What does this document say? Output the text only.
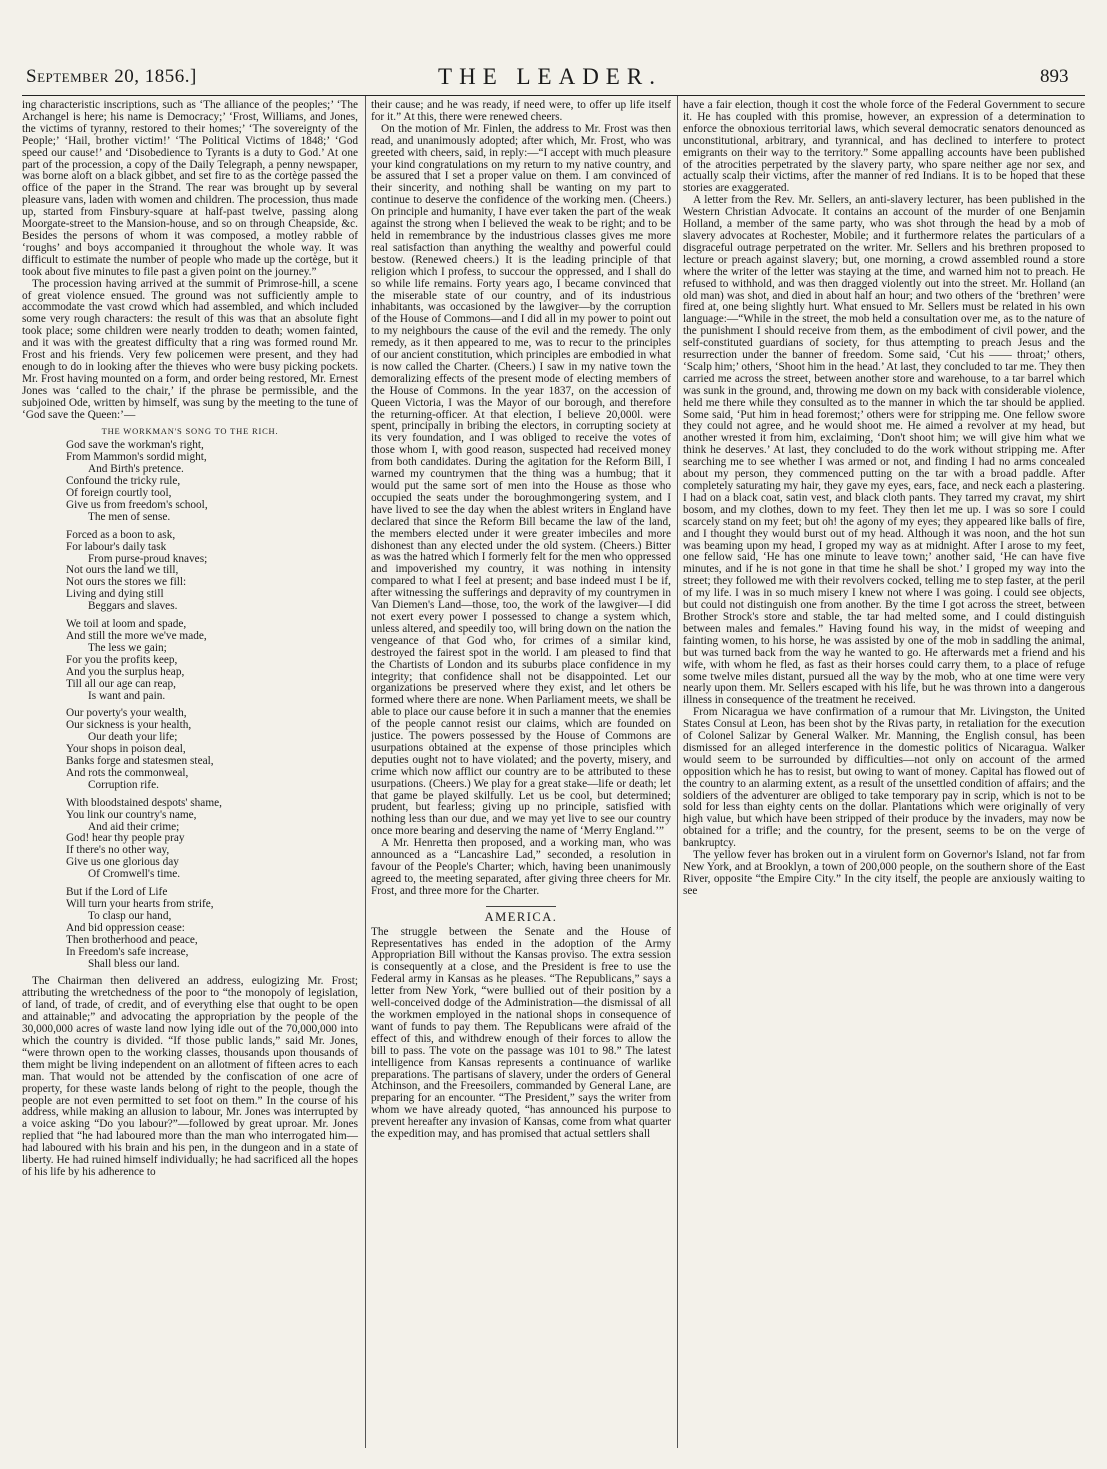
September 20, 1856.]	THE LEADER.	893

ing characteristic inscriptions, such as ‘The alliance of the peoples;’ ‘The Archangel is here; his name is Democracy;’ ‘Frost, Williams, and Jones, the victims of tyranny, restored to their homes;’ ‘The sovereignty of the People;’ ‘Hail, brother victim!’ ‘The Political Victims of 1848;’ ‘God speed our cause!’ and ‘Disobedience to Tyrants is a duty to God.’ At one part of the procession, a copy of the Daily Telegraph, a penny newspaper, was borne aloft on a black gibbet, and set fire to as the cortège passed the office of the paper in the Strand. The rear was brought up by several pleasure vans, laden with women and children. The procession, thus made up, started from Finsbury-square at half-past twelve, passing along Moorgate-street to the Mansion-house, and so on through Cheapside, &c. Besides the persons of whom it was composed, a motley rabble of ‘roughs’ and boys accompanied it throughout the whole way. It was difficult to estimate the number of people who made up the cortège, but it took about five minutes to file past a given point on the journey.”

The procession having arrived at the summit of Primrose-hill, a scene of great violence ensued. The ground was not sufficiently ample to accommodate the vast crowd which had assembled, and which included some very rough characters: the result of this was that an absolute fight took place; some children were nearly trodden to death; women fainted, and it was with the greatest difficulty that a ring was formed round Mr. Frost and his friends. Very few policemen were present, and they had enough to do in looking after the thieves who were busy picking pockets. Mr. Frost having mounted on a form, and order being restored, Mr. Ernest Jones was ‘called to the chair,’ if the phrase be permissible, and the subjoined Ode, written by himself, was sung by the meeting to the tune of ‘God save the Queen:’—

THE WORKMAN'S SONG TO THE RICH.
God save the workman's right,
From Mammon's sordid might,
And Birth's pretence.
Confound the tricky rule,
Of foreign courtly tool,
Give us from freedom's school,
The men of sense.
Forced as a boon to ask,
For labour's daily task
From purse-proud knaves;
Not ours the land we till,
Not ours the stores we fill:
Living and dying still
Beggars and slaves.
We toil at loom and spade,
And still the more we've made,
The less we gain;
For you the profits keep,
And you the surplus heap,
Till all our age can reap,
Is want and pain.
Our poverty's your wealth,
Our sickness is your health,
Our death your life;
Your shops in poison deal,
Banks forge and statesmen steal,
And rots the commonweal,
Corruption rife.
With bloodstained despots' shame,
You link our country's name,
And aid their crime;
God! hear thy people pray
If there's no other way,
Give us one glorious day
Of Cromwell's time.
But if the Lord of Life
Will turn your hearts from strife,
To clasp our hand,
And bid oppression cease:
Then brotherhood and peace,
In Freedom's safe increase,
Shall bless our land.

The Chairman then delivered an address, eulogizing Mr. Frost; attributing the wretchedness of the poor to “the monopoly of legislation, of land, of trade, of credit, and of everything else that ought to be open and attainable;” and advocating the appropriation by the people of the 30,000,000 acres of waste land now lying idle out of the 70,000,000 into which the country is divided. “If those public lands,” said Mr. Jones, “were thrown open to the working classes, thousands upon thousands of them might be living independent on an allotment of fifteen acres to each man. That would not be attended by the confiscation of one acre of property, for these waste lands belong of right to the people, though the people are not even permitted to set foot on them.” In the course of his address, while making an allusion to labour, Mr. Jones was interrupted by a voice asking “Do you labour?”—followed by great uproar. Mr. Jones replied that “he had laboured more than the man who interrogated him—had laboured with his brain and his pen, in the dungeon and in a state of liberty. He had ruined himself individually; he had sacrificed all the hopes of his life by his adherence to

their cause; and he was ready, if need were, to offer up life itself for it.” At this, there were renewed cheers.

On the motion of Mr. Finlen, the address to Mr. Frost was then read, and unanimously adopted; after which, Mr. Frost, who was greeted with cheers, said, in reply:—“I accept with much pleasure your kind congratulations on my return to my native country, and be assured that I set a proper value on them. I am convinced of their sincerity, and nothing shall be wanting on my part to continue to deserve the confidence of the working men. (Cheers.) On principle and humanity, I have ever taken the part of the weak against the strong when I believed the weak to be right; and to be held in remembrance by the industrious classes gives me more real satisfaction than anything the wealthy and powerful could bestow. (Renewed cheers.) It is the leading principle of that religion which I profess, to succour the oppressed, and I shall do so while life remains. Forty years ago, I became convinced that the miserable state of our country, and of its industrious inhabitants, was occasioned by the lawgiver—by the corruption of the House of Commons—and I did all in my power to point out to my neighbours the cause of the evil and the remedy. The only remedy, as it then appeared to me, was to recur to the principles of our ancient constitution, which principles are embodied in what is now called the Charter. (Cheers.) I saw in my native town the demoralizing effects of the present mode of electing members of the House of Commons. In the year 1837, on the accession of Queen Victoria, I was the Mayor of our borough, and therefore the returning-officer. At that election, I believe 20,000l. were spent, principally in bribing the electors, in corrupting society at its very foundation, and I was obliged to receive the votes of those whom I, with good reason, suspected had received money from both candidates. During the agitation for the Reform Bill, I warned my countrymen that the thing was a humbug; that it would put the same sort of men into the House as those who occupied the seats under the boroughmongering system, and I have lived to see the day when the ablest writers in England have declared that since the Reform Bill became the law of the land, the members elected under it were greater imbeciles and more dishonest than any elected under the old system. (Cheers.) Bitter as was the hatred which I formerly felt for the men who oppressed and impoverished my country, it was nothing in intensity compared to what I feel at present; and base indeed must I be if, after witnessing the sufferings and depravity of my countrymen in Van Diemen's Land—those, too, the work of the lawgiver—I did not exert every power I possessed to change a system which, unless altered, and speedily too, will bring down on the nation the vengeance of that God who, for crimes of a similar kind, destroyed the fairest spot in the world. I am pleased to find that the Chartists of London and its suburbs place confidence in my integrity; that confidence shall not be disappointed. Let our organizations be preserved where they exist, and let others be formed where there are none. When Parliament meets, we shall be able to place our cause before it in such a manner that the enemies of the people cannot resist our claims, which are founded on justice. The powers possessed by the House of Commons are usurpations obtained at the expense of those principles which deputies ought not to have violated; and the poverty, misery, and crime which now afflict our country are to be attributed to these usurpations. (Cheers.) We play for a great stake—life or death; let that game be played skilfully. Let us be cool, but determined; prudent, but fearless; giving up no principle, satisfied with nothing less than our due, and we may yet live to see our country once more bearing and deserving the name of ‘Merry England.’”

A Mr. Henretta then proposed, and a working man, who was announced as a “Lancashire Lad,” seconded, a resolution in favour of the People's Charter; which, having been unanimously agreed to, the meeting separated, after giving three cheers for Mr. Frost, and three more for the Charter.

AMERICA.

The struggle between the Senate and the House of Representatives has ended in the adoption of the Army Appropriation Bill without the Kansas proviso. The extra session is consequently at a close, and the President is free to use the Federal army in Kansas as he pleases. “The Republicans,” says a letter from New York, “were bullied out of their position by a well-conceived dodge of the Administration—the dismissal of all the workmen employed in the national shops in consequence of want of funds to pay them. The Republicans were afraid of the effect of this, and withdrew enough of their forces to allow the bill to pass. The vote on the passage was 101 to 98.” The latest intelligence from Kansas represents a continuance of warlike preparations. The partisans of slavery, under the orders of General Atchinson, and the Freesoilers, commanded by General Lane, are preparing for an encounter. “The President,” says the writer from whom we have already quoted, “has announced his purpose to prevent hereafter any invasion of Kansas, come from what quarter the expedition may, and has promised that actual settlers shall

have a fair election, though it cost the whole force of the Federal Government to secure it. He has coupled with this promise, however, an expression of a determination to enforce the obnoxious territorial laws, which several democratic senators denounced as unconstitutional, arbitrary, and tyrannical, and has declined to interfere to protect emigrants on their way to the territory.” Some appalling accounts have been published of the atrocities perpetrated by the slavery party, who spare neither age nor sex, and actually scalp their victims, after the manner of red Indians. It is to be hoped that these stories are exaggerated.

A letter from the Rev. Mr. Sellers, an anti-slavery lecturer, has been published in the Western Christian Advocate. It contains an account of the murder of one Benjamin Holland, a member of the same party, who was shot through the head by a mob of slavery advocates at Rochester, Mobile; and it furthermore relates the particulars of a disgraceful outrage perpetrated on the writer. Mr. Sellers and his brethren proposed to lecture or preach against slavery; but, one morning, a crowd assembled round a store where the writer of the letter was staying at the time, and warned him not to preach. He refused to withhold, and was then dragged violently out into the street. Mr. Holland (an old man) was shot, and died in about half an hour; and two others of the ‘brethren’ were fired at, one being slightly hurt. What ensued to Mr. Sellers must be related in his own language:—“While in the street, the mob held a consultation over me, as to the nature of the punishment I should receive from them, as the embodiment of civil power, and the self-constituted guardians of society, for thus attempting to preach Jesus and the resurrection under the banner of freedom. Some said, ‘Cut his —— throat;’ others, ‘Scalp him;’ others, ‘Shoot him in the head.’ At last, they concluded to tar me. They then carried me across the street, between another store and warehouse, to a tar barrel which was sunk in the ground, and, throwing me down on my back with considerable violence, held me there while they consulted as to the manner in which the tar should be applied. Some said, ‘Put him in head foremost;’ others were for stripping me. One fellow swore they could not agree, and he would shoot me. He aimed a revolver at my head, but another wrested it from him, exclaiming, ‘Don't shoot him; we will give him what we think he deserves.’ At last, they concluded to do the work without stripping me. After searching me to see whether I was armed or not, and finding I had no arms concealed about my person, they commenced putting on the tar with a broad paddle. After completely saturating my hair, they gave my eyes, ears, face, and neck each a plastering. I had on a black coat, satin vest, and black cloth pants. They tarred my cravat, my shirt bosom, and my clothes, down to my feet. They then let me up. I was so sore I could scarcely stand on my feet; but oh! the agony of my eyes; they appeared like balls of fire, and I thought they would burst out of my head. Although it was noon, and the hot sun was beaming upon my head, I groped my way as at midnight. After I arose to my feet, one fellow said, ‘He has one minute to leave town;’ another said, ‘He can have five minutes, and if he is not gone in that time he shall be shot.’ I groped my way into the street; they followed me with their revolvers cocked, telling me to step faster, at the peril of my life. I was in so much misery I knew not where I was going. I could see objects, but could not distinguish one from another. By the time I got across the street, between Brother Strock's store and stable, the tar had melted some, and I could distinguish between males and females.” Having found his way, in the midst of weeping and fainting women, to his horse, he was assisted by one of the mob in saddling the animal, but was turned back from the way he wanted to go. He afterwards met a friend and his wife, with whom he fled, as fast as their horses could carry them, to a place of refuge some twelve miles distant, pursued all the way by the mob, who at one time were very nearly upon them. Mr. Sellers escaped with his life, but he was thrown into a dangerous illness in consequence of the treatment he received.

From Nicaragua we have confirmation of a rumour that Mr. Livingston, the United States Consul at Leon, has been shot by the Rivas party, in retaliation for the execution of Colonel Salizar by General Walker. Mr. Manning, the English consul, has been dismissed for an alleged interference in the domestic politics of Nicaragua. Walker would seem to be surrounded by difficulties—not only on account of the armed opposition which he has to resist, but owing to want of money. Capital has flowed out of the country to an alarming extent, as a result of the unsettled condition of affairs; and the soldiers of the adventurer are obliged to take temporary pay in scrip, which is not to be sold for less than eighty cents on the dollar. Plantations which were originally of very high value, but which have been stripped of their produce by the invaders, may now be obtained for a trifle; and the country, for the present, seems to be on the verge of bankruptcy.

The yellow fever has broken out in a virulent form on Governor's Island, not far from New York, and at Brooklyn, a town of 200,000 people, on the southern shore of the East River, opposite “the Empire City.” In the city itself, the people are anxiously waiting to see
